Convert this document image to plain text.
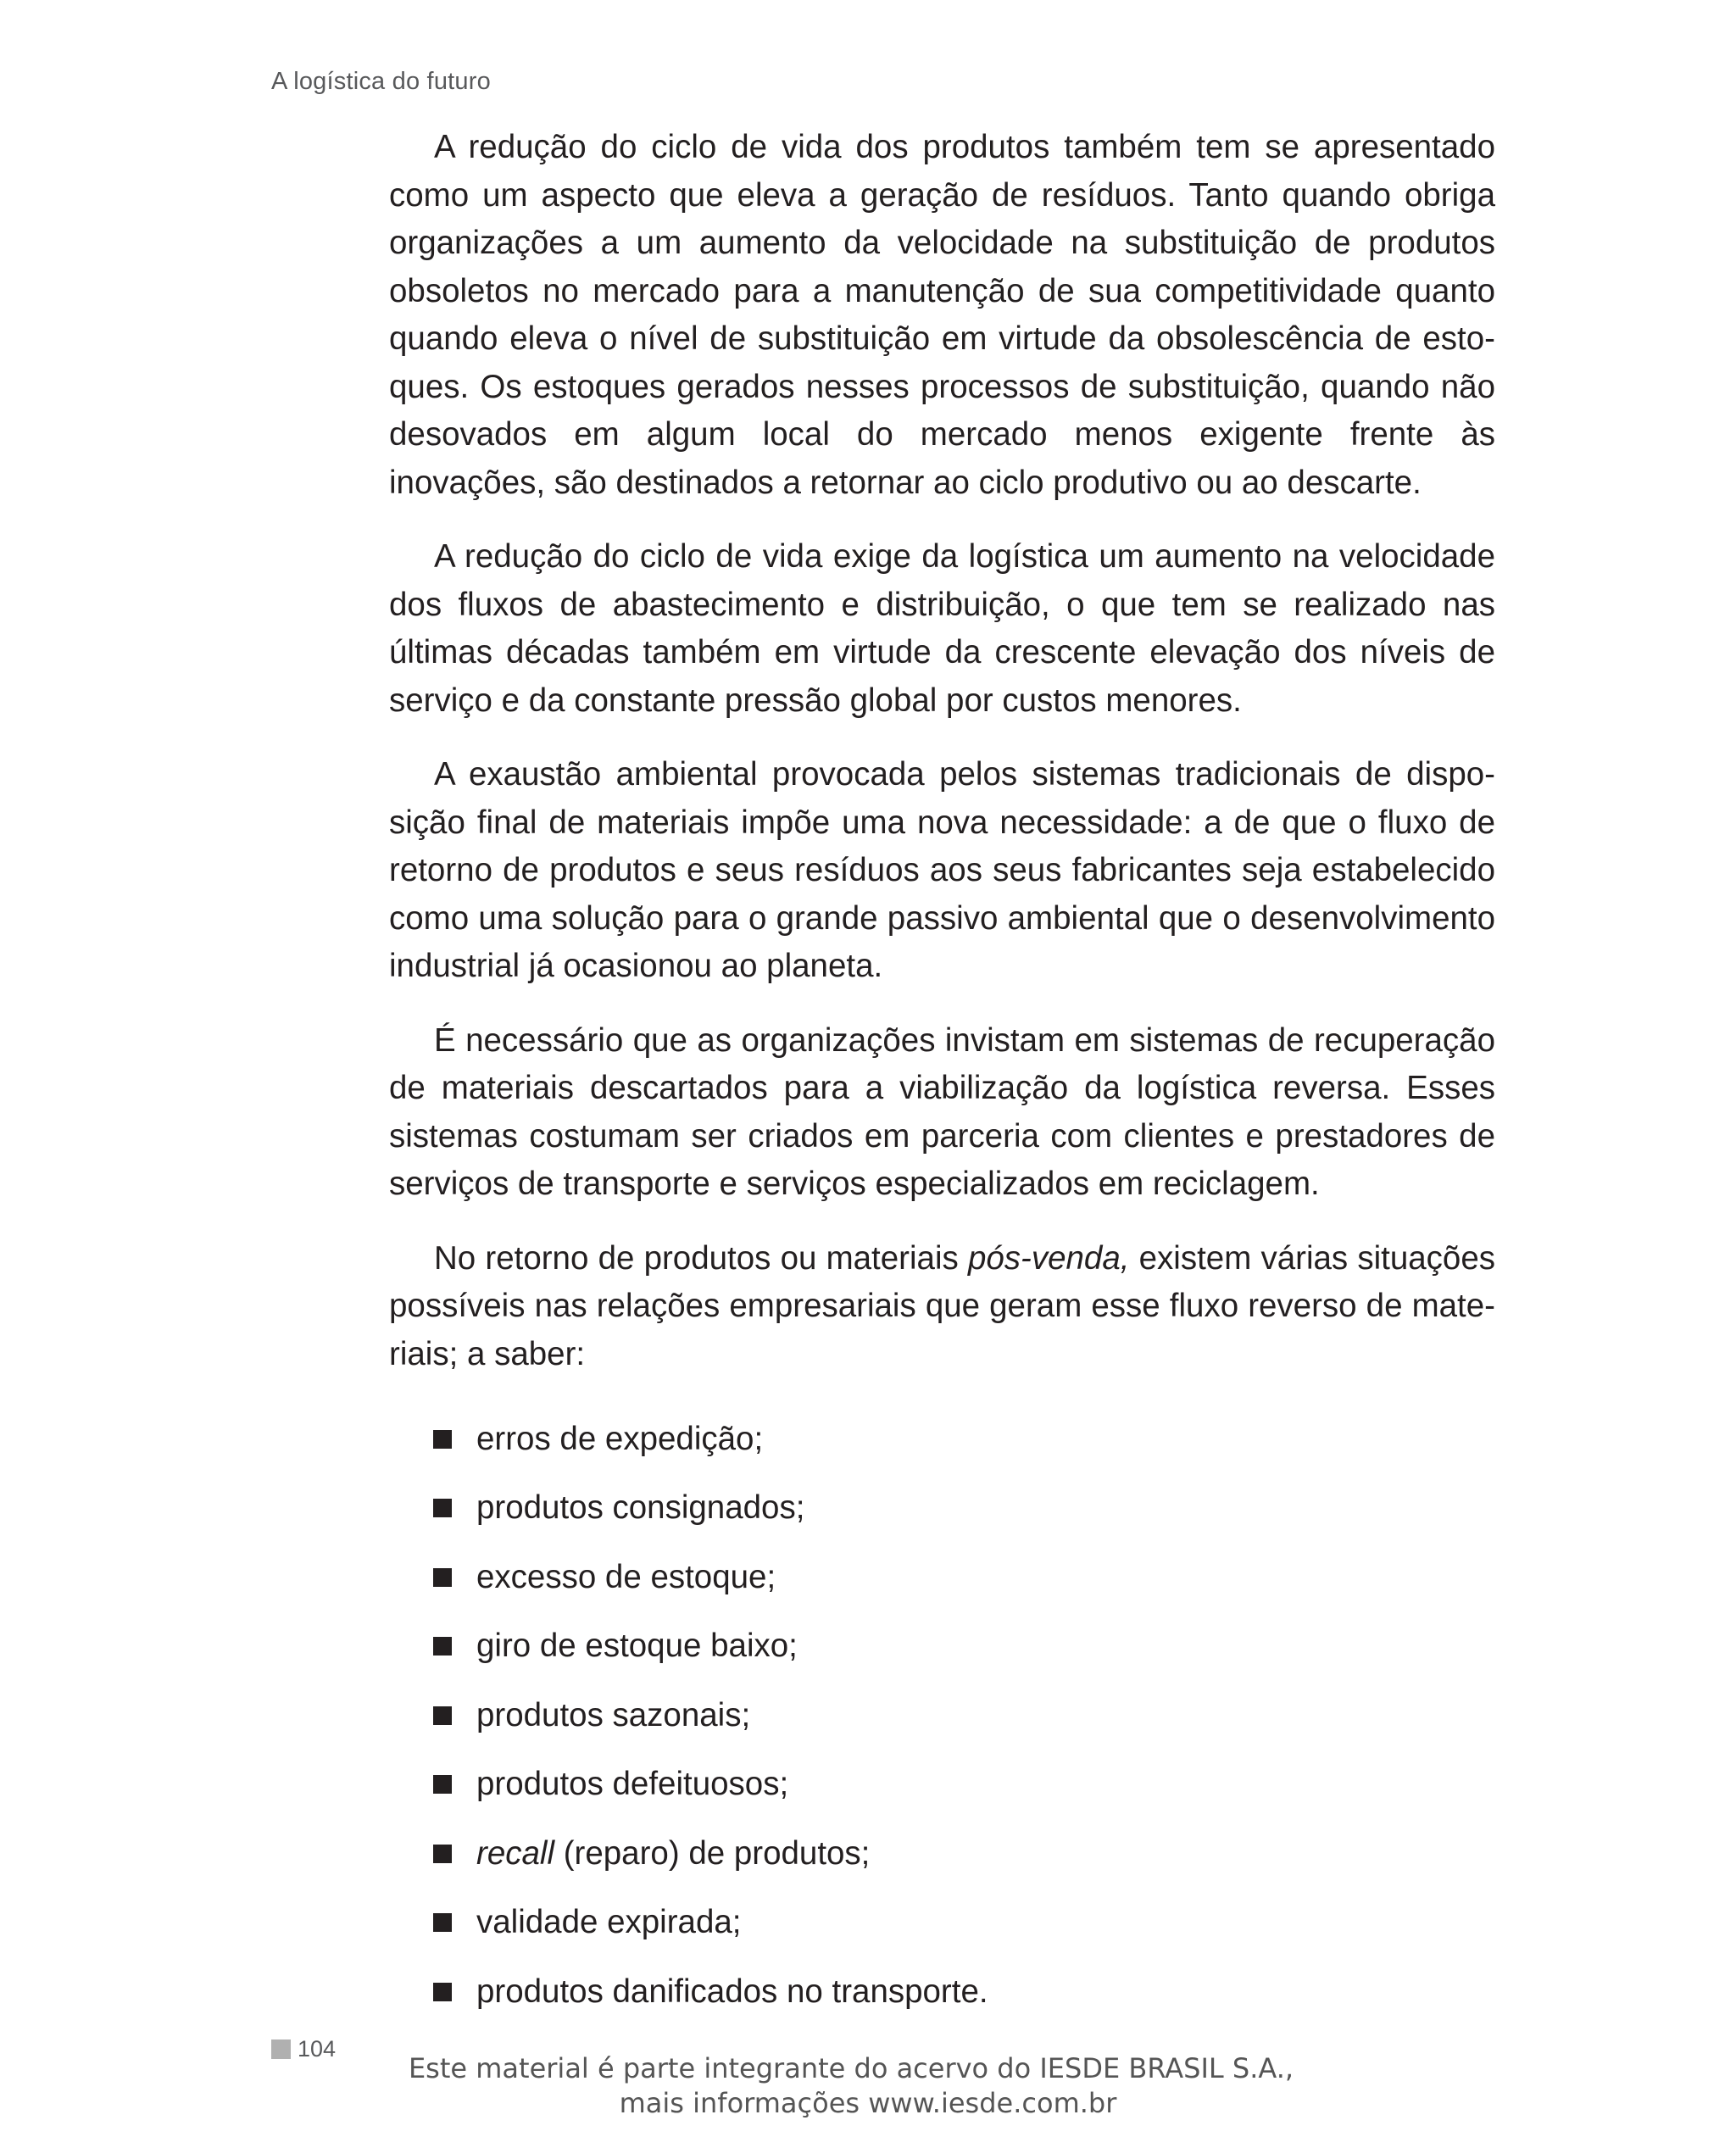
A logística do futuro

A redução do ciclo de vida dos produtos também tem se apresentado como um aspecto que eleva a geração de resíduos. Tanto quando obriga organizações a um aumento da velocidade na substituição de produtos obsoletos no mercado para a manutenção de sua competitividade quanto quando eleva o nível de substituição em virtude da obsolescência de estoques. Os estoques gerados nesses processos de substituição, quando não desovados em algum local do mercado menos exigente frente às inovações, são destinados a retornar ao ciclo produtivo ou ao descarte.

A redução do ciclo de vida exige da logística um aumento na velocidade dos fluxos de abastecimento e distribuição, o que tem se realizado nas últimas décadas também em virtude da crescente elevação dos níveis de serviço e da constante pressão global por custos menores.

A exaustão ambiental provocada pelos sistemas tradicionais de disposição final de materiais impõe uma nova necessidade: a de que o fluxo de retorno de produtos e seus resíduos aos seus fabricantes seja estabelecido como uma solução para o grande passivo ambiental que o desenvolvimento industrial já ocasionou ao planeta.

É necessário que as organizações invistam em sistemas de recuperação de materiais descartados para a viabilização da logística reversa. Esses sistemas costumam ser criados em parceria com clientes e prestadores de serviços de transporte e serviços especializados em reciclagem.

No retorno de produtos ou materiais pós-venda, existem várias situações possíveis nas relações empresariais que geram esse fluxo reverso de materiais; a saber:

erros de expedição;
produtos consignados;
excesso de estoque;
giro de estoque baixo;
produtos sazonais;
produtos defeituosos;
recall (reparo) de produtos;
validade expirada;
produtos danificados no transporte.
104
Este material é parte integrante do acervo do IESDE BRASIL S.A.,
mais informações www.iesde.com.br
